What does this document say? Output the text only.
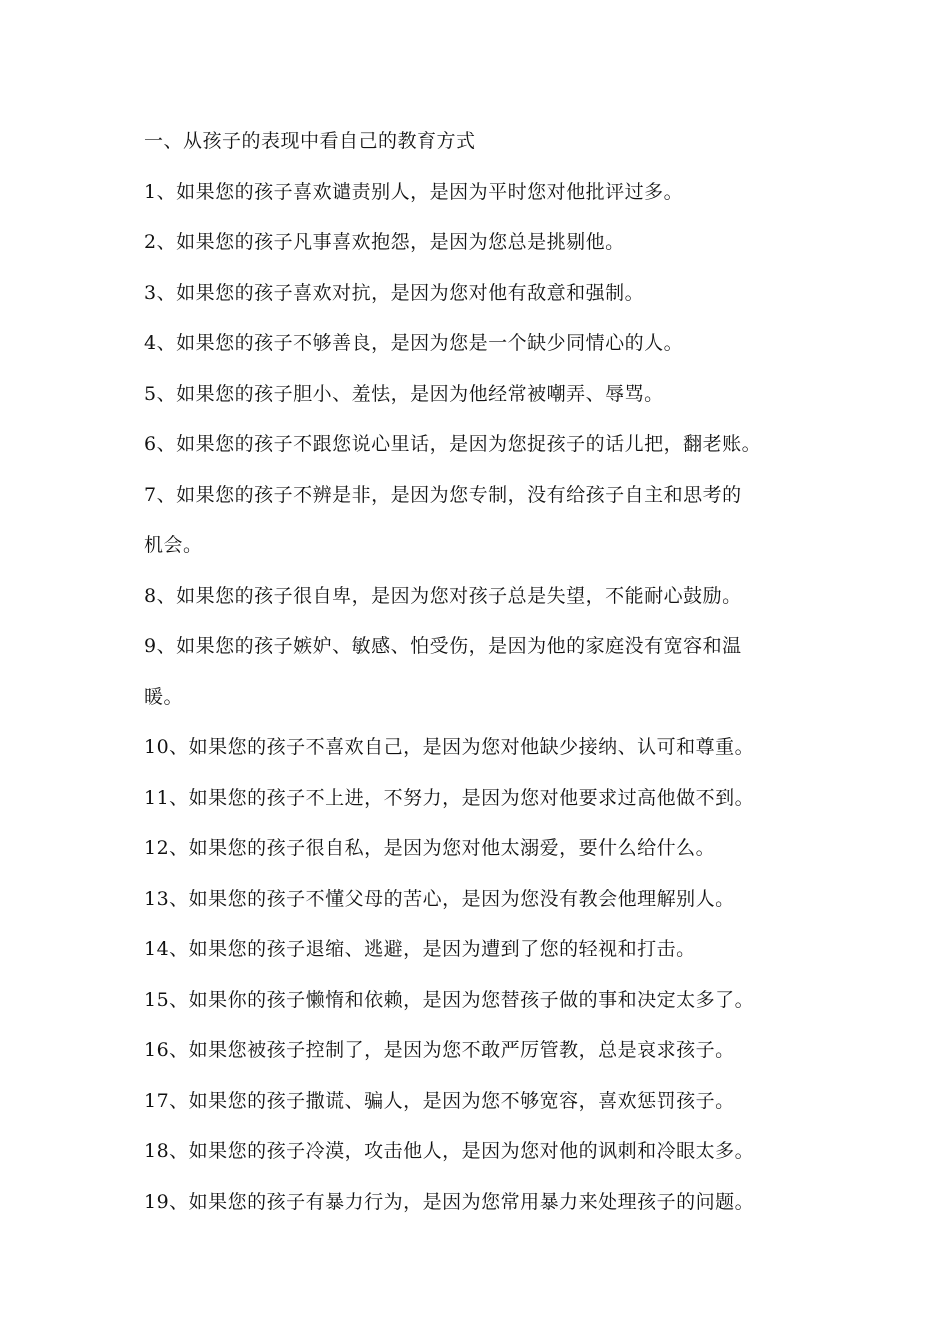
一、从孩子的表现中看自己的教育方式

1、如果您的孩子喜欢谴责别人，是因为平时您对他批评过多。

2、如果您的孩子凡事喜欢抱怨，是因为您总是挑剔他。

3、如果您的孩子喜欢对抗，是因为您对他有敌意和强制。

4、如果您的孩子不够善良，是因为您是一个缺少同情心的人。

5、如果您的孩子胆小、羞怯，是因为他经常被嘲弄、辱骂。

6、如果您的孩子不跟您说心里话，是因为您捉孩子的话儿把，翻老账。

7、如果您的孩子不辨是非，是因为您专制，没有给孩子自主和思考的

机会。

8、如果您的孩子很自卑，是因为您对孩子总是失望，不能耐心鼓励。

9、如果您的孩子嫉妒、敏感、怕受伤，是因为他的家庭没有宽容和温

暖。

10、如果您的孩子不喜欢自己，是因为您对他缺少接纳、认可和尊重。

11、如果您的孩子不上进，不努力，是因为您对他要求过高他做不到。

12、如果您的孩子很自私，是因为您对他太溺爱，要什么给什么。

13、如果您的孩子不懂父母的苦心，是因为您没有教会他理解别人。

14、如果您的孩子退缩、逃避，是因为遭到了您的轻视和打击。

15、如果你的孩子懒惰和依赖，是因为您替孩子做的事和决定太多了。

16、如果您被孩子控制了，是因为您不敢严厉管教，总是哀求孩子。

17、如果您的孩子撒谎、骗人，是因为您不够宽容，喜欢惩罚孩子。

18、如果您的孩子冷漠，攻击他人，是因为您对他的讽刺和冷眼太多。

19、如果您的孩子有暴力行为，是因为您常用暴力来处理孩子的问题。
